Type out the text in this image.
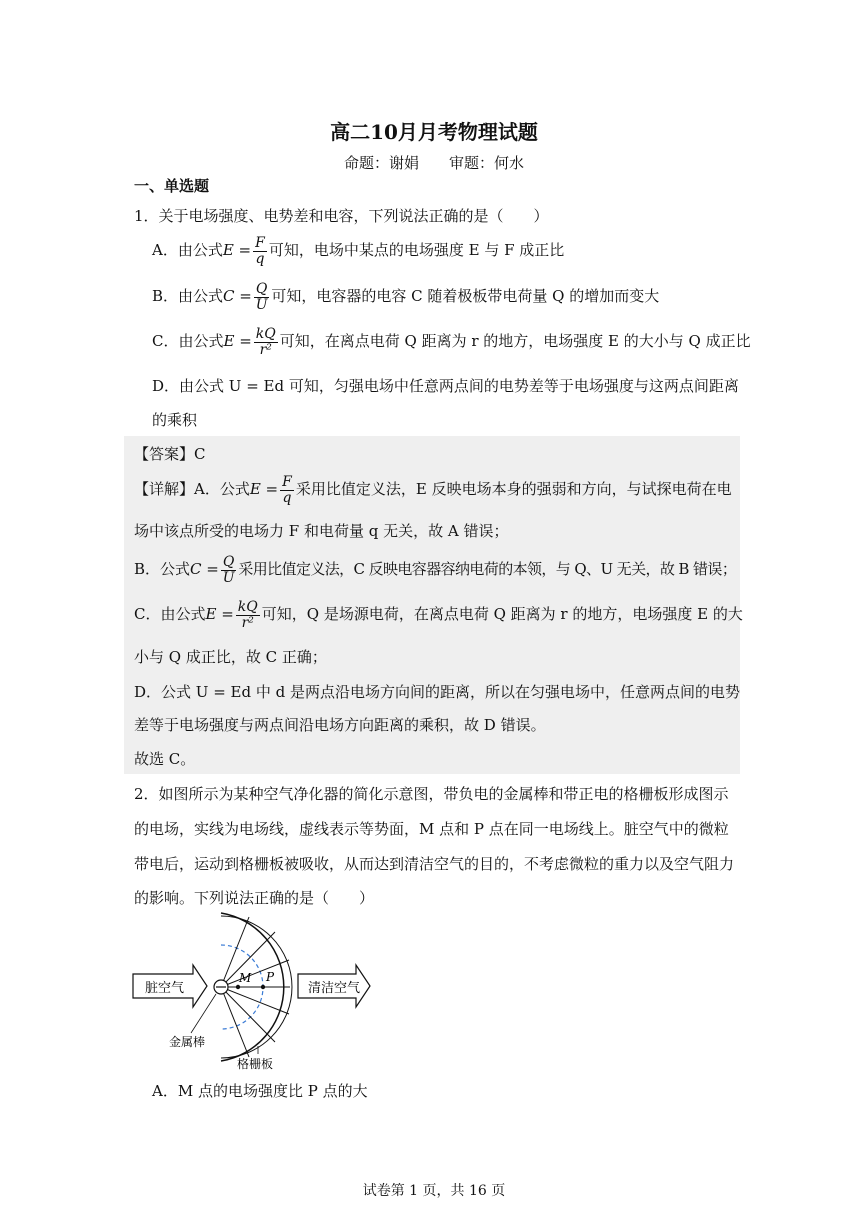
高二10月月考物理试题
命题：谢娟　　审题：何水
一、单选题
1．关于电场强度、电势差和电容，下列说法正确的是（　　）
A．由公式$E = \frac{F}{q}$ 可知，电场中某点的电场强度 E 与 F 成正比
B．由公式$C = \frac{Q}{U}$ 可知，电容器的电容 C 随着极板带电荷量 Q 的增加而变大
C．由公式$E = \frac{kQ}{\text{r²}}$ 可知，在离点电荷 Q 距离为 r 的地方，电场强度 E 的大小与 Q 成正比
D．由公式 U = Ed 可知，匀强电场中任意两点间的电势差等于电场强度与这两点间距离
的乘积
【答案】C
【详解】A．公式$E = \frac{F}{q}$ 采用比值定义法，E 反映电场本身的强弱和方向，与试探电荷在电
场中该点所受的电场力 F 和电荷量 q 无关，故 A 错误；
B．公式$C = \frac{Q}{U}$ 采用比值定义法，C 反映电容器容纳电荷的本领，与 Q、U 无关，故 B 错误；
C．由公式$E = \frac{kQ}{\text{r²}}$ 可知，Q 是场源电荷，在离点电荷 Q 距离为 r 的地方，电场强度 E 的大
小与 Q 成正比，故 C 正确；
D．公式 U = Ed 中 d 是两点沿电场方向间的距离，所以在匀强电场中，任意两点间的电势
差等于电场强度与两点间沿电场方向距离的乘积，故 D 错误。
故选 C。
2．如图所示为某种空气净化器的简化示意图，带负电的金属棒和带正电的格栅板形成图示
的电场，实线为电场线，虚线表示等势面，M 点和 P 点在同一电场线上。脏空气中的微粒
带电后，运动到格栅板被吸收，从而达到清洁空气的目的，不考虑微粒的重力以及空气阻力
的影响。下列说法正确的是（　　）
脏空气	清洁空气
M P
金属棒
格栅板
A．M 点的电场强度比 P 点的大
试卷第 1 页，共 16 页
